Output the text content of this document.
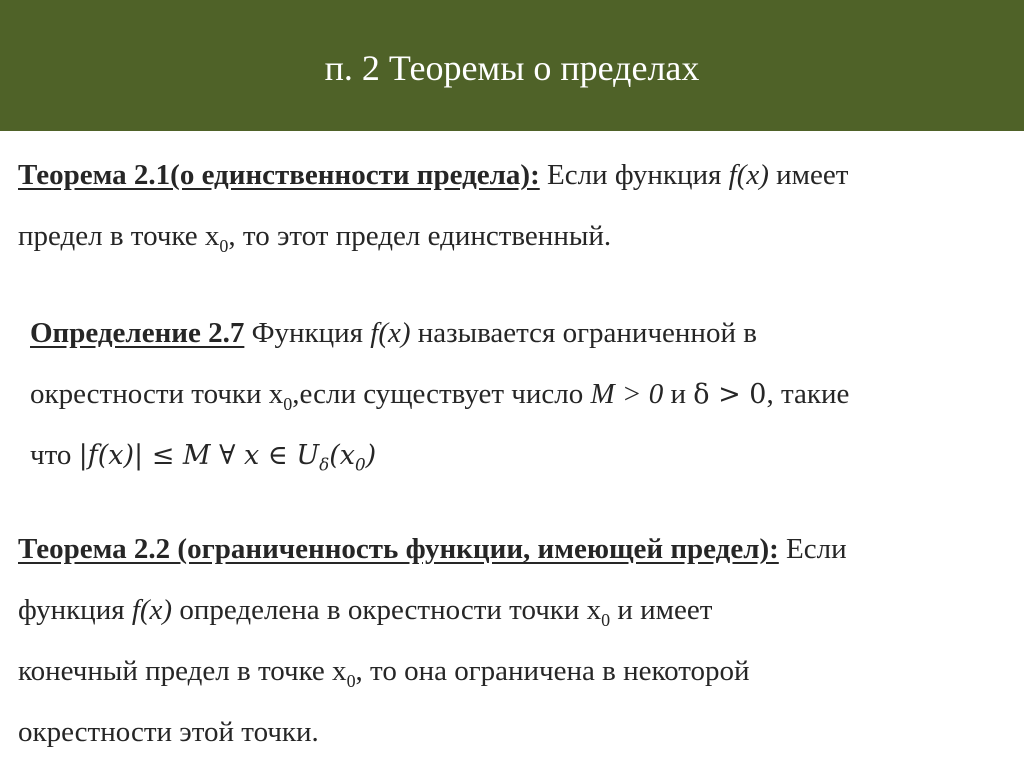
п. 2 Теоремы о пределах
Теорема 2.1(о единственности предела): Если функция f(x) имеет
предел в точке $x_0$, то этот предел единственный.
Определение 2.7 Функция f(x) называется ограниченной в
окрестности точки $x_0,если$ существует число M > 0 и δ > 0, такие
что |f(x)| ≤ M ∀ x ∈ $U_\delta(x_0)$
Теорема 2.2 (ограниченность функции, имеющей предел): Если
функция f(x) определена в окрестности точки $x_0$ и имеет
конечный предел в точке $x_0$, то она ограничена в некоторой
окрестности этой точки.
